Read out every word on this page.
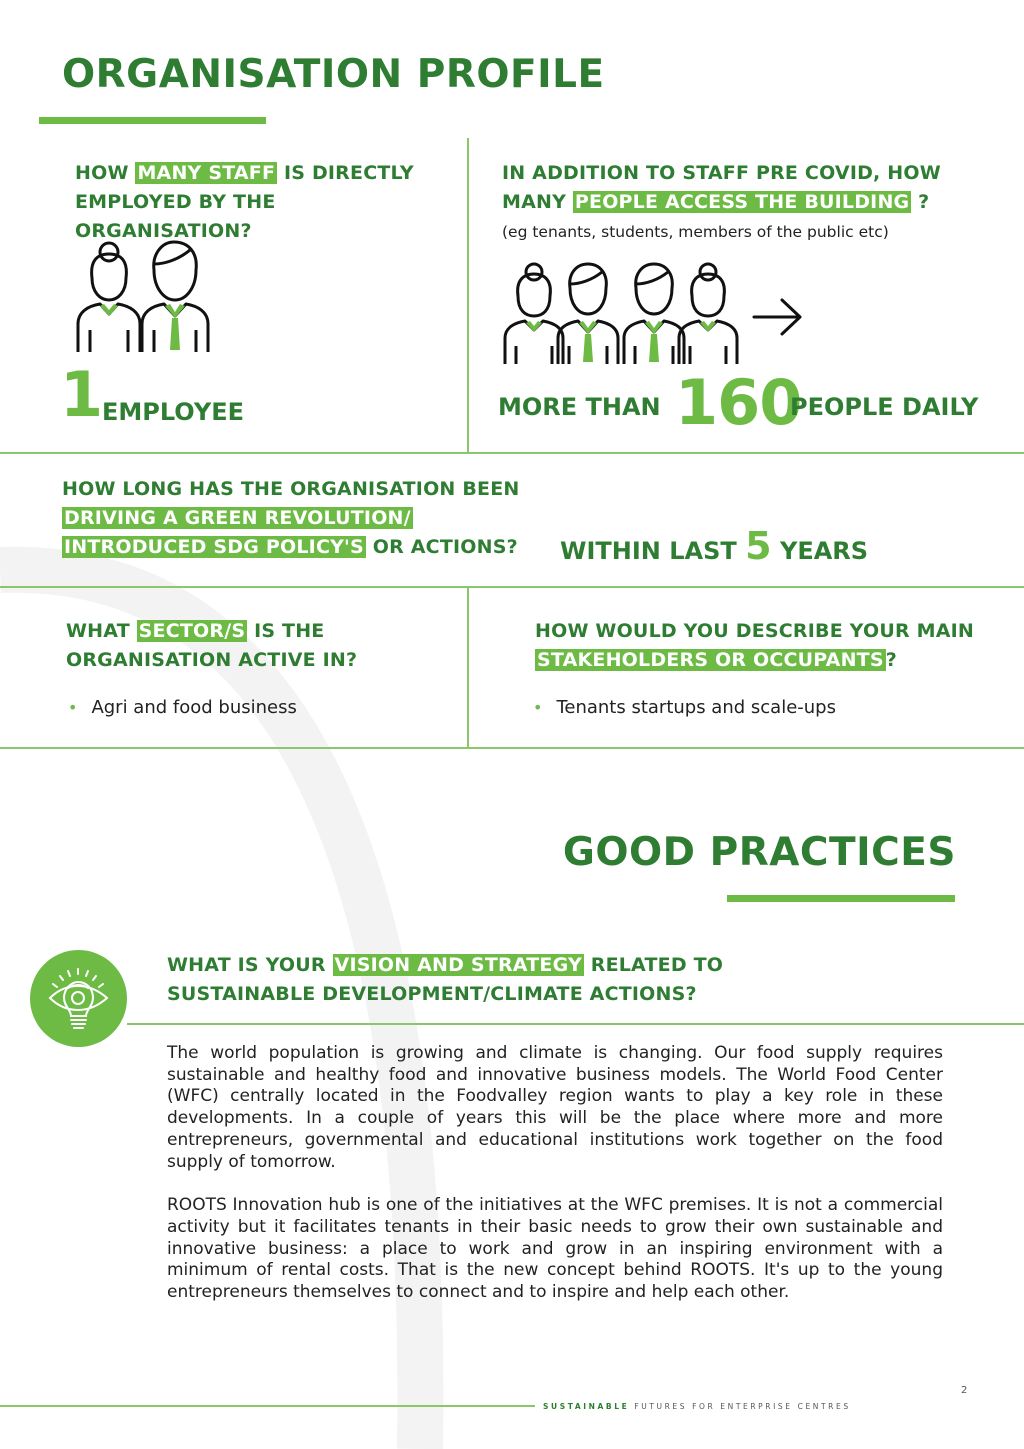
ORGANISATION PROFILE
HOW MANY STAFF IS DIRECTLY
EMPLOYED BY THE ORGANISATION?
1
EMPLOYEE
IN ADDITION TO STAFF PRE COVID, HOW
MANY PEOPLE ACCESS THE BUILDING ?
(eg tenants, students, members of the public etc)
MORE THAN 160
PEOPLE DAILY
HOW LONG HAS THE ORGANISATION BEEN
DRIVING A GREEN REVOLUTION/
INTRODUCED SDG POLICY'S OR ACTIONS? WITHIN LAST 5 YEARS
WHAT SECTOR/S IS THE
ORGANISATION ACTIVE IN?
• Agri and food business
HOW WOULD YOU DESCRIBE YOUR MAIN
STAKEHOLDERS OR OCCUPANTS ?
• Tenants startups and scale-ups
GOOD PRACTICES
WHAT IS YOUR VISION AND STRATEGY RELATED TO
SUSTAINABLE DEVELOPMENT/CLIMATE ACTIONS?

The world population is growing and climate is changing. Our food supply requires sustainable and healthy food and innovative business models. The World Food Center (WFC) centrally located in the Foodvalley region wants to play a key role in these developments. In a couple of years this will be the place where more and more entrepreneurs, governmental and educational institutions work together on the food supply of tomorrow.

ROOTS Innovation hub is one of the initiatives at the WFC premises. It is not a commercial activity but it facilitates tenants in their basic needs to grow their own sustainable and innovative business: a place to work and grow in an inspiring environment with a minimum of rental costs. That is the new concept behind ROOTS. It's up to the young entrepreneurs themselves to connect and to inspire and help each other.

2
SUSTAINABLE FUTURES FOR ENTERPRISE CENTRES
